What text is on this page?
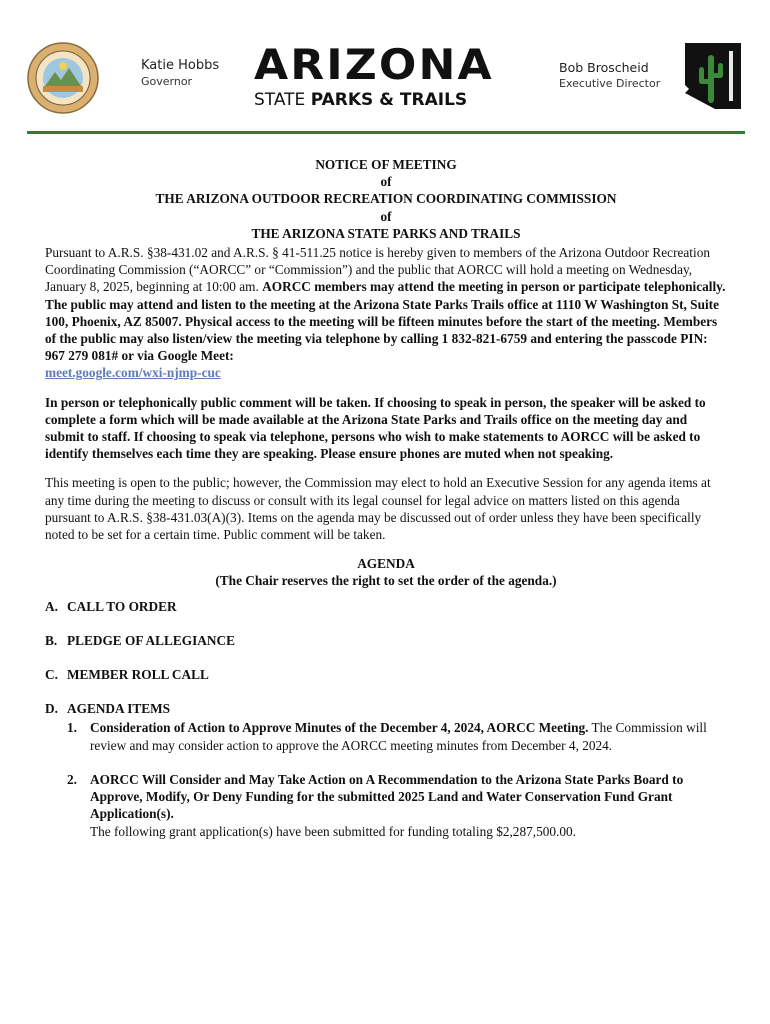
Katie Hobbs
Governor	ARIZONA
STATE PARKS & TRAILS
Bob Broscheid
Executive Director
NOTICE OF MEETING
of
THE ARIZONA OUTDOOR RECREATION COORDINATING COMMISSION
of
THE ARIZONA STATE PARKS AND TRAILS

Pursuant to A.R.S. §38-431.02 and A.R.S. § 41-511.25 notice is hereby given to members of the Arizona Outdoor Recreation Coordinating Commission (“AORCC” or “Commission”) and the public that AORCC will hold a meeting on Wednesday, January 8, 2025, beginning at 10:00 am. AORCC members may attend the meeting in person or participate telephonically. The public may attend and listen to the meeting at the Arizona State Parks Trails office at 1110 W Washington St, Suite 100, Phoenix, AZ 85007. Physical access to the meeting will be fifteen minutes before the start of the meeting. Members of the public may also listen/view the meeting via telephone by calling 1 832-821-6759 and entering the passcode PIN: 967 279 081# or via Google Meet:
meet.google.com/wxi-njmp-cuc

In person or telephonically public comment will be taken. If choosing to speak in person, the speaker will be asked to complete a form which will be made available at the Arizona State Parks and Trails office on the meeting day and submit to staff. If choosing to speak via telephone, persons who wish to make statements to AORCC will be asked to identify themselves each time they are speaking. Please ensure phones are muted when not speaking.

This meeting is open to the public; however, the Commission may elect to hold an Executive Session for any agenda items at any time during the meeting to discuss or consult with its legal counsel for legal advice on matters listed on this agenda pursuant to A.R.S. §38-431.03(A)(3). Items on the agenda may be discussed out of order unless they have been specifically noted to be set for a certain time. Public comment will be taken.

AGENDA
(The Chair reserves the right to set the order of the agenda.)
A. CALL TO ORDER
B. PLEDGE OF ALLEGIANCE
C. MEMBER ROLL CALL
D. AGENDA ITEMS
1. Consideration of Action to Approve Minutes of the December 4, 2024, AORCC Meeting. The Commission will review and may consider action to approve the AORCC meeting minutes from December 4, 2024.
2. AORCC Will Consider and May Take Action on A Recommendation to the Arizona State Parks Board to Approve, Modify, Or Deny Funding for the submitted 2025 Land and Water Conservation Fund Grant Application(s).
The following grant application(s) have been submitted for funding totaling $2,287,500.00.
